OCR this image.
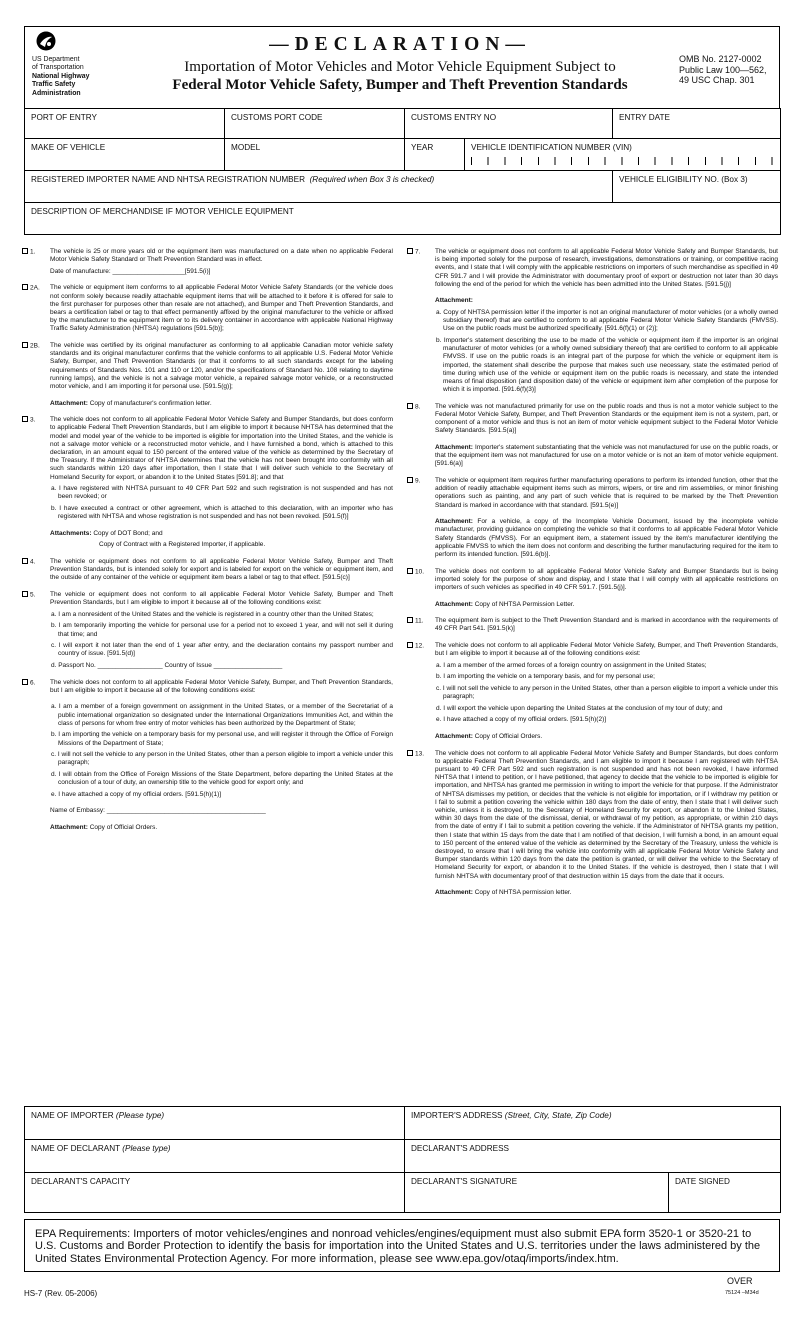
US Department
of Transportation
National Highway
Traffic Safety
Administration
—DECLARATION—
Importation of Motor Vehicles and Motor Vehicle Equipment Subject to
Federal Motor Vehicle Safety, Bumper and Theft Prevention Standards
OMB No. 2127-0002
Public Law 100—562,
49 USC Chap. 301
PORT OF ENTRY	CUSTOMS PORT CODE	CUSTOMS ENTRY NO		ENTRY DATE
MAKE OF VEHICLE	MODEL	YEAR	VEHICLE IDENTIFICATION NUMBER (VIN)	

REGISTERED IMPORTER NAME AND NHTSA REGISTRATION NUMBER (Required when Box 3 is checked)				VEHICLE ELIGIBILITY NO. (Box 3)
DESCRIPTION OF MERCHANDISE IF MOTOR VEHICLE EQUIPMENT				
1. The vehicle is 25 or more years old or the equipment item was manufactured on a date when no applicable Federal Motor Vehicle Safety Standard or Theft Prevention Standard was in effect.

Date of manufacture: ____________________[591.5(i)]

2A. The vehicle or equipment item conforms to all applicable Federal Motor Vehicle Safety Standards (or the vehicle does not conform solely because readily attachable equipment items that will be attached to it before it is offered for sale to the first purchaser for purposes other than resale are not attached), and Bumper and Theft Prevention Standards, and bears a certification label or tag to that effect permanently affixed by the original manufacturer to the vehicle or affixed by the manufacturer to the equipment item or to its delivery container in accordance with applicable National Highway Traffic Safety Administration (NHTSA) regulations [591.5(b)];

2B. The vehicle was certified by its original manufacturer as conforming to all applicable Canadian motor vehicle safety standards and its original manufacturer confirms that the vehicle conforms to all applicable U.S. Federal Motor Vehicle Safety, Bumper, and Theft Prevention Standards (or that it conforms to all such standards except for the labeling requirements of Standards Nos. 101 and 110 or 120, and/or the specifications of Standard No. 108 relating to daytime running lamps), and the vehicle is not a salvage motor vehicle, a repaired salvage motor vehicle, or a reconstructed motor vehicle, and I am importing it for personal use. [591.5(g)];

Attachment: Copy of manufacturer's confirmation letter.

3. The vehicle does not conform to all applicable Federal Motor Vehicle Safety and Bumper Standards, but does conform to applicable Federal Theft Prevention Standards, but I am eligible to import it because NHTSA has determined that the model and model year of the vehicle to be imported is eligible for importation into the United States, and the vehicle is not a salvage motor vehicle or a reconstructed motor vehicle, and I have furnished a bond, which is attached to this declaration, in an amount equal to 150 percent of the entered value of the vehicle as determined by the Secretary of the Treasury. If the Administrator of NHTSA determines that the vehicle has not been brought into conformity with all such standards within 120 days after importation, then I state that I will deliver such vehicle to the Secretary of Homeland Security for export, or abandon it to the United States [591.8]; and that

a. I have registered with NHTSA pursuant to 49 CFR Part 592 and such registration is not suspended and has not been revoked; or

b. I have executed a contract or other agreement, which is attached to this declaration, with an importer who has registered with NHTSA and whose registration is not suspended and has not been revoked. [591.5(f)]

Attachments: Copy of DOT Bond; and

Copy of Contract with a Registered Importer, if applicable.

4. The vehicle or equipment does not conform to all applicable Federal Motor Vehicle Safety, Bumper and Theft Prevention Standards, but is intended solely for export and is labeled for export on the vehicle or equipment item, and the outside of any container of the vehicle or equipment item bears a label or tag to that effect. [591.5(c)]

5. The vehicle or equipment does not conform to all applicable Federal Motor Vehicle Safety, Bumper and Theft Prevention Standards, but I am eligible to import it because all of the following conditions exist:

a. I am a nonresident of the United States and the vehicle is registered in a country other than the United States;

b. I am temporarily importing the vehicle for personal use for a period not to exceed 1 year, and will not sell it during that time; and

c. I will export it not later than the end of 1 year after entry, and the declaration contains my passport number and country of issue. [591.5(d)]

d. Passport No. __________________ Country of Issue ___________________

6. The vehicle does not conform to all applicable Federal Motor Vehicle Safety, Bumper, and Theft Prevention Standards, but I am eligible to import it because all of the following conditions exist:

a. I am a member of a foreign government on assignment in the United States, or a member of the Secretariat of a public international organization so designated under the International Organizations Immunities Act, and within the class of persons for whom free entry of motor vehicles has been authorized by the Department of State;

b. I am importing the vehicle on a temporary basis for my personal use, and will register it through the Office of Foreign Missions of the Department of State;

c. I will not sell the vehicle to any person in the United States, other than a person eligible to import a vehicle under this paragraph;

d. I will obtain from the Office of Foreign Missions of the State Department, before departing the United States at the conclusion of a tour of duty, an ownership title to the vehicle good for export only; and

e. I have attached a copy of my official orders. [591.5(h)(1)]

Name of Embassy: ____________________________________________

Attachment: Copy of Official Orders.

7. The vehicle or equipment does not conform to all applicable Federal Motor Vehicle Safety and Bumper Standards, but is being imported solely for the purpose of research, investigations, demonstrations or training, or competitive racing events, and I state that I will comply with the applicable restrictions on importers of such merchandise as specified in 49 CFR 591.7 and I will provide the Administrator with documentary proof of export or destruction not later than 30 days following the end of the period for which the vehicle has been admitted into the United States. [591.5(j)]

Attachment:

a. Copy of NHTSA permission letter if the importer is not an original manufacturer of motor vehicles (or a wholly owned subsidiary thereof) that are certified to conform to all applicable Federal Motor Vehicle Safety Standards (FMVSS). Use on the public roads must be authorized specifically. [591.6(f)(1) or (2)];

b. Importer's statement describing the use to be made of the vehicle or equipment item if the importer is an original manufacturer of motor vehicles (or a wholly owned subsidiary thereof) that are certified to conform to all applicable FMVSS. If use on the public roads is an integral part of the purpose for which the vehicle or equipment item is imported, the statement shall describe the purpose that makes such use necessary, state the estimated period of time during which use of the vehicle or equipment item on the public roads is necessary, and state the intended means of final disposition (and disposition date) of the vehicle or equipment item after completion of the purpose for which it is imported. [591.6(f)(3)]

8. The vehicle was not manufactured primarily for use on the public roads and thus is not a motor vehicle subject to the Federal Motor Vehicle Safety, Bumper, and Theft Prevention Standards or the equipment item is not a system, part, or component of a motor vehicle and thus is not an item of motor vehicle equipment subject to the Federal Motor Vehicle Safety Standards. [591.5(a)]

Attachment: Importer's statement substantiating that the vehicle was not manufactured for use on the public roads, or that the equipment item was not manufactured for use on a motor vehicle or is not an item of motor vehicle equipment. [591.6(a)]

9. The vehicle or equipment item requires further manufacturing operations to perform its intended function, other that the addition of readily attachable equipment items such as mirrors, wipers, or tire and rim assemblies, or minor finishing operations such as painting, and any part of such vehicle that is required to be marked by the Theft Prevention Standard is marked in accordance with that standard. [591.5(e)]

Attachment: For a vehicle, a copy of the Incomplete Vehicle Document, issued by the incomplete vehicle manufacturer, providing guidance on completing the vehicle so that it conforms to all applicable Federal Motor Vehicle Safety Standards (FMVSS). For an equipment item, a statement issued by the item's manufacturer identifying the applicable FMVSS to which the item does not conform and describing the further manufacturing required for the item to perform its intended function. [591.6(b)].

10. The vehicle does not conform to all applicable Federal Motor Vehicle Safety and Bumper Standards but is being imported solely for the purpose of show and display, and I state that I will comply with all applicable restrictions on importers of such vehicles as specified in 49 CFR 591.7. [591.5(j)].

Attachment: Copy of NHTSA Permission Letter.

11. The equipment item is subject to the Theft Prevention Standard and is marked in accordance with the requirements of 49 CFR Part 541. [591.5(k)]

12. The vehicle does not conform to all applicable Federal Motor Vehicle Safety, Bumper, and Theft Prevention Standards, but I am eligible to import it because all of the following conditions exist:

a. I am a member of the armed forces of a foreign country on assignment in the United States;

b. I am importing the vehicle on a temporary basis, and for my personal use;

c. I will not sell the vehicle to any person in the United States, other than a person eligible to import a vehicle under this paragraph;

d. I will export the vehicle upon departing the United States at the conclusion of my tour of duty; and

e. I have attached a copy of my official orders. [591.5(h)(2)]

Attachment: Copy of Official Orders.

13. The vehicle does not conform to all applicable Federal Motor Vehicle Safety and Bumper Standards, but does conform to applicable Federal Theft Prevention Standards, and I am eligible to import it because I am registered with NHTSA pursuant to 49 CFR Part 592 and such registration is not suspended and has not been revoked, I have informed NHTSA that I intend to petition, or I have petitioned, that agency to decide that the vehicle to be imported is eligible for importation, and NHTSA has granted me permission in writing to import the vehicle for that purpose. If the Administrator of NHTSA dismisses my petition, or decides that the vehicle is not eligible for importation, or if I withdraw my petition or I fail to submit a petition covering the vehicle within 180 days from the date of entry, then I state that I will deliver such vehicle, unless it is destroyed, to the Secretary of Homeland Security for export, or abandon it to the United States, within 30 days from the date of the dismissal, denial, or withdrawal of my petition, as appropriate, or within 210 days from the date of entry if I fail to submit a petition covering the vehicle. If the Administrator of NHTSA grants my petition, then I state that within 15 days from the date that I am notified of that decision, I will furnish a bond, in an amount equal to 150 percent of the entered value of the vehicle as determined by the Secretary of the Treasury, unless the vehicle is destroyed, to ensure that I will bring the vehicle into conformity with all applicable Federal Motor Vehicle Safety and Bumper standards within 120 days from the date the petition is granted, or will deliver the vehicle to the Secretary of Homeland Security for export, or abandon it to the United States. If the vehicle is destroyed, then I state that I will furnish NHTSA with documentary proof of that destruction within 15 days from the date that it occurs.

Attachment: Copy of NHTSA permission letter.

NAME OF IMPORTER (Please type)	IMPORTER'S ADDRESS (Street, City, State, Zip Code)	
NAME OF DECLARANT (Please type)	DECLARANT'S ADDRESS	
DECLARANT'S CAPACITY	DECLARANT'S SIGNATURE	DATE SIGNED
EPA Requirements: Importers of motor vehicles/engines and nonroad vehicles/engines/equipment must also submit EPA form 3520-1 or 3520-21 to U.S. Customs and Border Protection to identify the basis for importation into the United States and U.S. territories under the laws administered by the United States Environmental Protection Agency. For more information, please see www.epa.gov/otaq/imports/index.htm.
HS-7 (Rev. 05-2006)
OVER
75124 –M34d
